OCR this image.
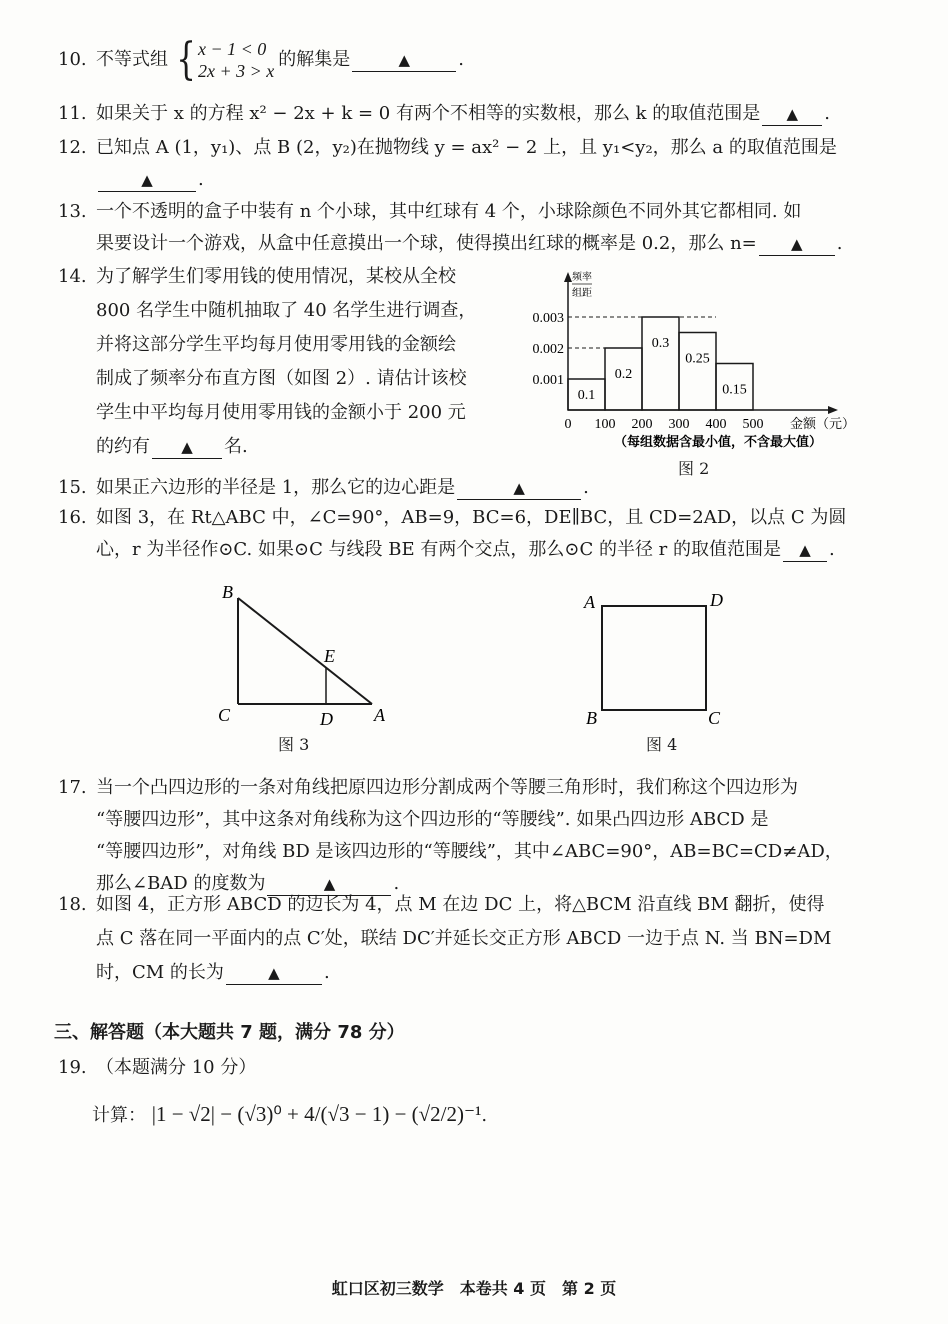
10. 不等式组 { x − 1 < 0
2x + 3 > x
的解集是	▲	.
11. 如果关于 x 的方程 x² − 2x + k = 0 有两个不相等的实数根，那么 k 的取值范围是 ▲ .
12. 已知点 A (1，y₁)、点 B (2，y₂)在抛物线 y = ax² − 2 上，且 y₁<y₂，那么 a 的取值范围是
▲	.
13. 一个不透明的盒子中装有 n 个小球，其中红球有 4 个，小球除颜色不同外其它都相同. 如
果要设计一个游戏，从盒中任意摸出一个球，使得摸出红球的概率是 0.2，那么 n= ▲ .
14. 为了解学生们零用钱的使用情况，某校从全校
800 名学生中随机抽取了 40 名学生进行调查，
并将这部分学生平均每月使用零用钱的金额绘
制成了频率分布直方图（如图 2）. 请估计该校
学生中平均每月使用零用钱的金额小于 200 元
的约有 ▲ 名.
0.1
0.2
0.3
0.25
0.15
0.001
0.002
0.003
0 100 200 300 400 500
频率
组距
金额（元）
（每组数据含最小值，不含最大值）
图 2
15. 如果正六边形的半径是 1，那么它的边心距是	▲	.
16. 如图 3，在 Rt△ABC 中，∠C=90°，AB=9，BC=6，DE∥BC，且 CD=2AD，以点 C 为圆
心，r 为半径作⊙C. 如果⊙C 与线段 BE 有两个交点，那么⊙C 的半径 r 的取值范围是 ▲ .
B
C	D A
E
图 3
A	D
B	C
图 4
17. 当一个凸四边形的一条对角线把原四边形分割成两个等腰三角形时，我们称这个四边形为
“等腰四边形”，其中这条对角线称为这个四边形的“等腰线”. 如果凸四边形 ABCD 是
“等腰四边形”，对角线 BD 是该四边形的“等腰线”，其中∠ABC=90°，AB=BC=CD≠AD，
那么∠BAD 的度数为	▲	.
18. 如图 4，正方形 ABCD 的边长为 4，点 M 在边 DC 上，将△BCM 沿直线 BM 翻折，使得
点 C 落在同一平面内的点 C′处，联结 DC′并延长交正方形 ABCD 一边于点 N. 当 BN=DM
时，CM 的长为	▲ .
三、解答题（本大题共 7 题，满分 78 分）
19. （本题满分 10 分）
计算： |1 − √2| − (√3)⁰ + 4/(√3 − 1) − (√2/2)⁻¹.
虹口区初三数学　本卷共 4 页　第 2 页
